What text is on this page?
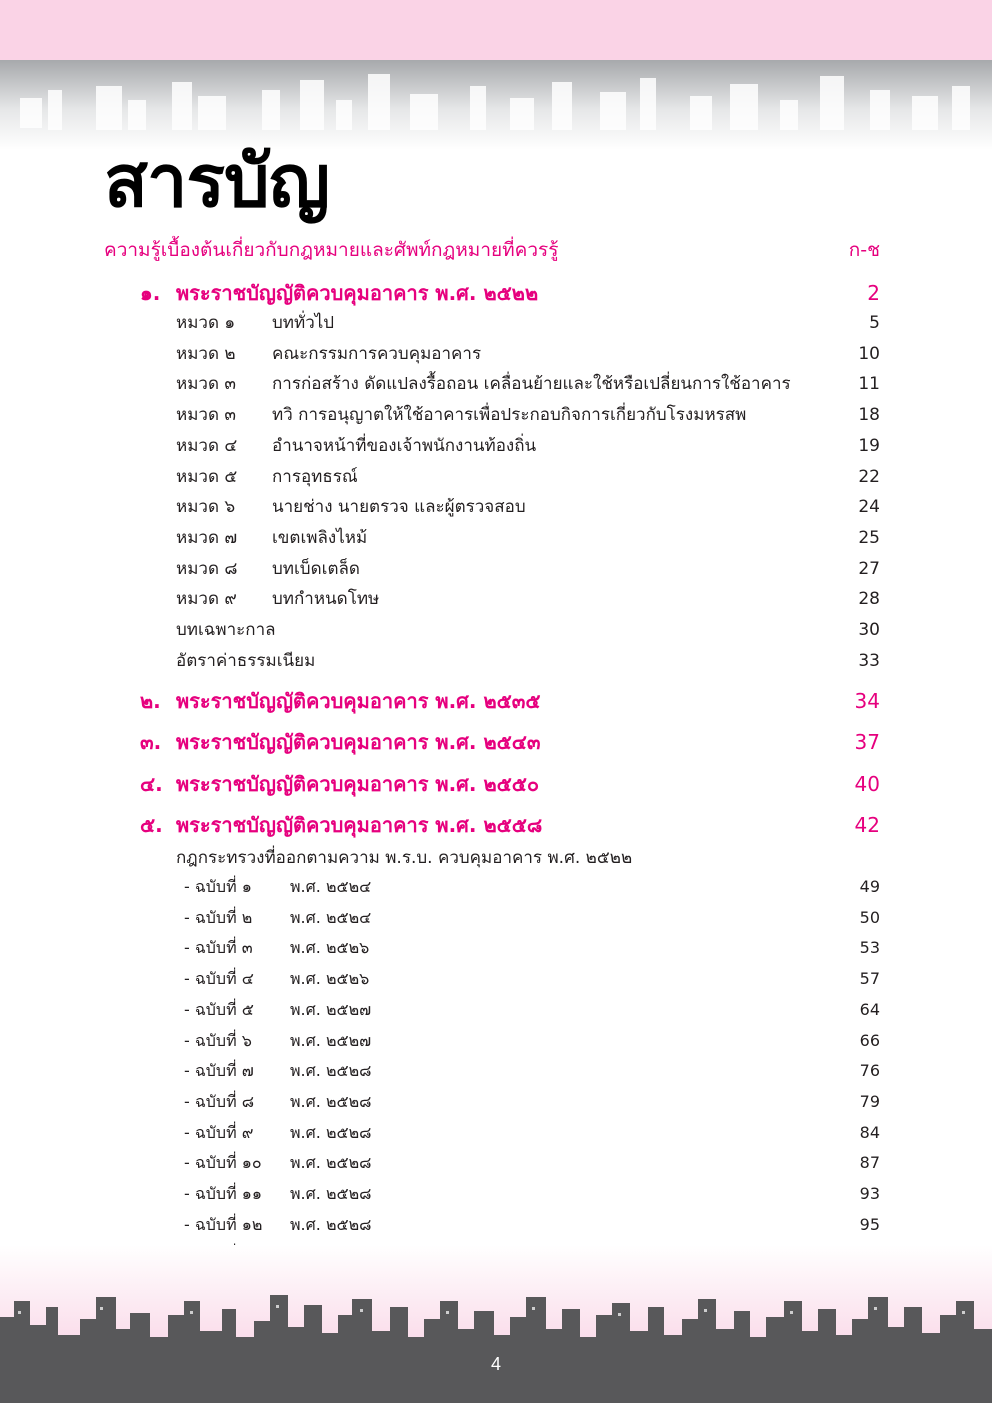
สารบัญ
ความรู้เบื้องต้นเกี่ยวกับกฎหมายและศัพท์กฎหมายที่ควรรู้	ก-ช
๑. พระราชบัญญัติควบคุมอาคาร พ.ศ. ๒๕๒๒	2
หมวด ๑ บททั่วไป	5
หมวด ๒ คณะกรรมการควบคุมอาคาร	10
หมวด ๓ การก่อสร้าง ดัดแปลงรื้อถอน เคลื่อนย้ายและใช้หรือเปลี่ยนการใช้อาคาร	11
หมวด ๓ ทวิ การอนุญาตให้ใช้อาคารเพื่อประกอบกิจการเกี่ยวกับโรงมหรสพ	18
หมวด ๔ อำนาจหน้าที่ของเจ้าพนักงานท้องถิ่น	19
หมวด ๕ การอุทธรณ์	22
หมวด ๖ นายช่าง นายตรวจ และผู้ตรวจสอบ	24
หมวด ๗ เขตเพลิงไหม้	25
หมวด ๘ บทเบ็ดเตล็ด	27
หมวด ๙ บทกำหนดโทษ	28
บทเฉพาะกาล	30
อัตราค่าธรรมเนียม	33
๒. พระราชบัญญัติควบคุมอาคาร พ.ศ. ๒๕๓๕	34
๓. พระราชบัญญัติควบคุมอาคาร พ.ศ. ๒๕๔๓	37
๔. พระราชบัญญัติควบคุมอาคาร พ.ศ. ๒๕๕๐	40
๕. พระราชบัญญัติควบคุมอาคาร พ.ศ. ๒๕๕๘	42
กฎกระทรวงที่ออกตามความ พ.ร.บ. ควบคุมอาคาร พ.ศ. ๒๕๒๒
- ฉบับที่ ๑ พ.ศ. ๒๕๒๔	49
- ฉบับที่ ๒ พ.ศ. ๒๕๒๔	50
- ฉบับที่ ๓ พ.ศ. ๒๕๒๖	53
- ฉบับที่ ๔ พ.ศ. ๒๕๒๖	57
- ฉบับที่ ๕ พ.ศ. ๒๕๒๗	64
- ฉบับที่ ๖ พ.ศ. ๒๕๒๗	66
- ฉบับที่ ๗ พ.ศ. ๒๕๒๘	76
- ฉบับที่ ๘ พ.ศ. ๒๕๒๘	79
- ฉบับที่ ๙ พ.ศ. ๒๕๒๘	84
- ฉบับที่ ๑๐ พ.ศ. ๒๕๒๘	87
- ฉบับที่ ๑๑ พ.ศ. ๒๕๒๘	93
- ฉบับที่ ๑๒ พ.ศ. ๒๕๒๘	95
4
